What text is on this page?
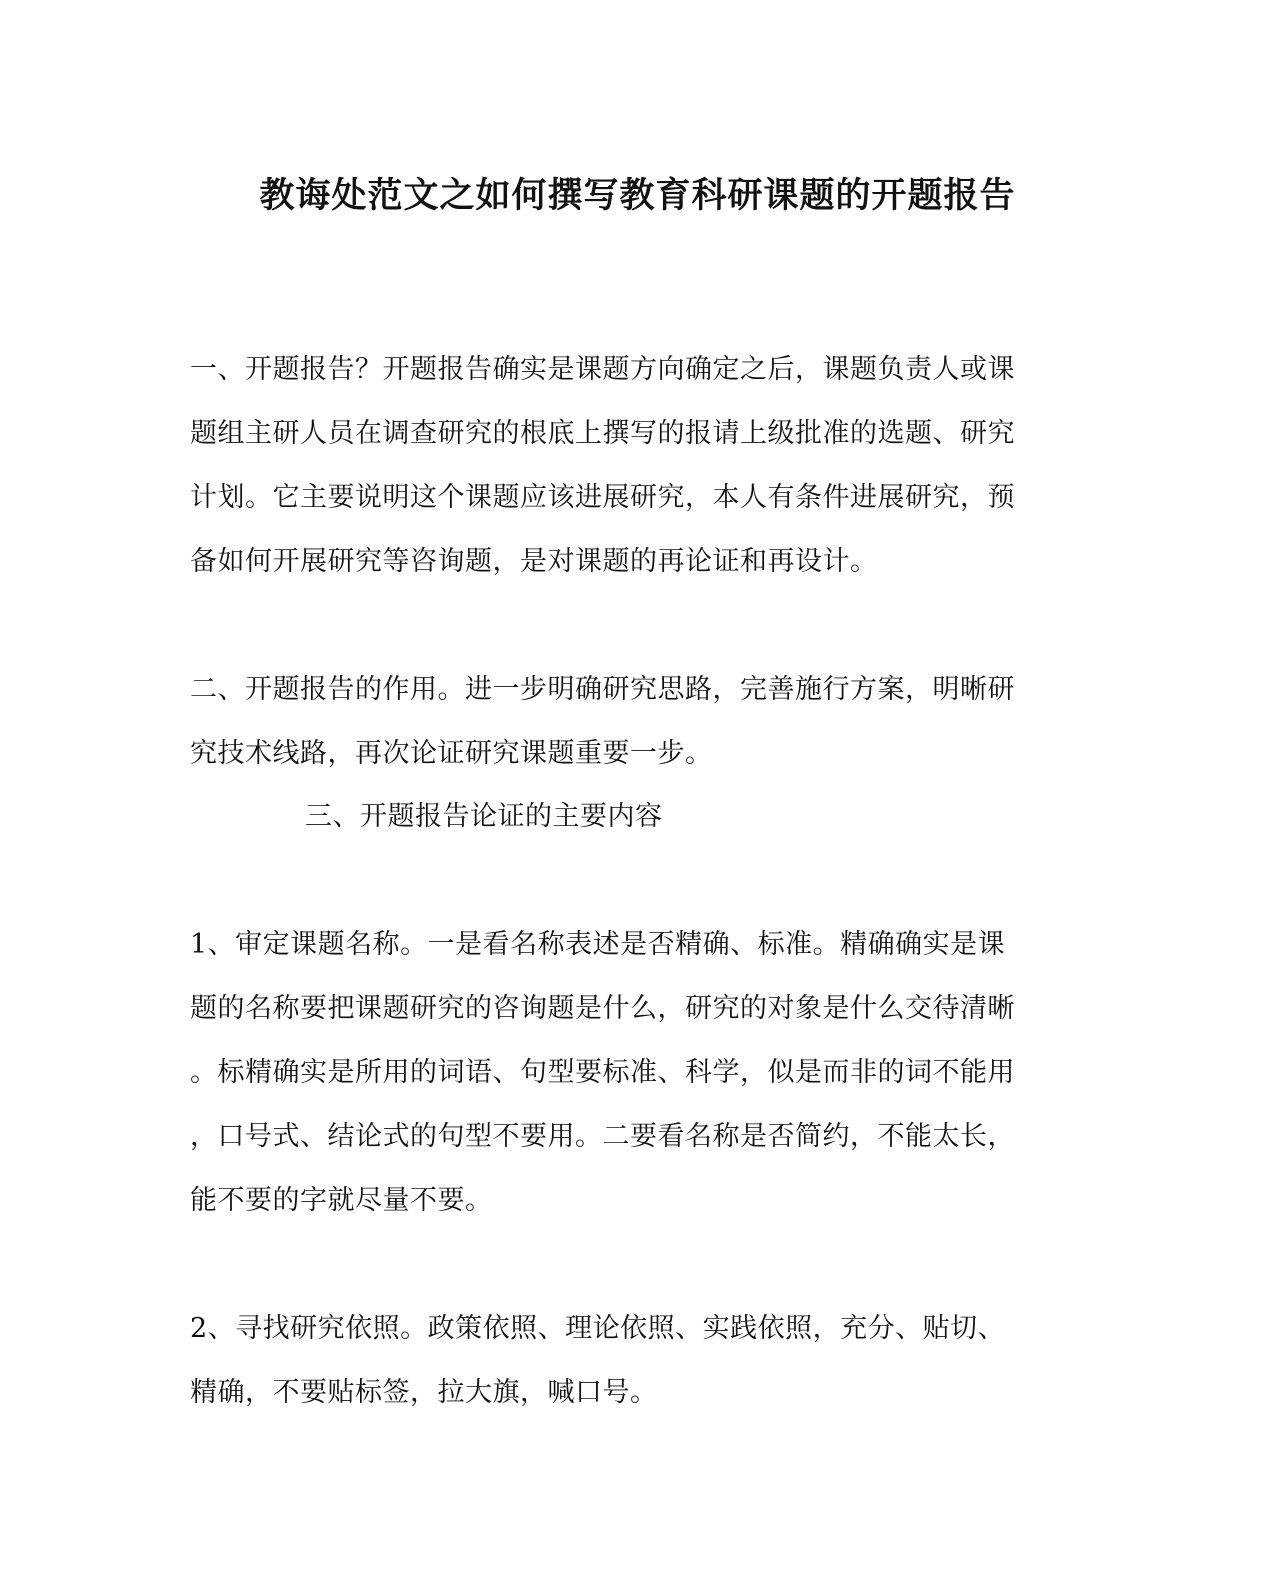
教诲处范文之如何撰写教育科研课题的开题报告
一、开题报告？开题报告确实是课题方向确定之后，课题负责人或课
题组主研人员在调查研究的根底上撰写的报请上级批准的选题、研究
计划。它主要说明这个课题应该进展研究，本人有条件进展研究，预
备如何开展研究等咨询题，是对课题的再论证和再设计。
二、开题报告的作用。进一步明确研究思路，完善施行方案，明晰研
究技术线路，再次论证研究课题重要一步。
三、开题报告论证的主要内容
1、审定课题名称。一是看名称表述是否精确、标准。精确确实是课
题的名称要把课题研究的咨询题是什么，研究的对象是什么交待清晰
。标精确实是所用的词语、句型要标准、科学，似是而非的词不能用
，口号式、结论式的句型不要用。二要看名称是否简约，不能太长，
能不要的字就尽量不要。
2、寻找研究依照。政策依照、理论依照、实践依照，充分、贴切、
精确，不要贴标签，拉大旗，喊口号。
